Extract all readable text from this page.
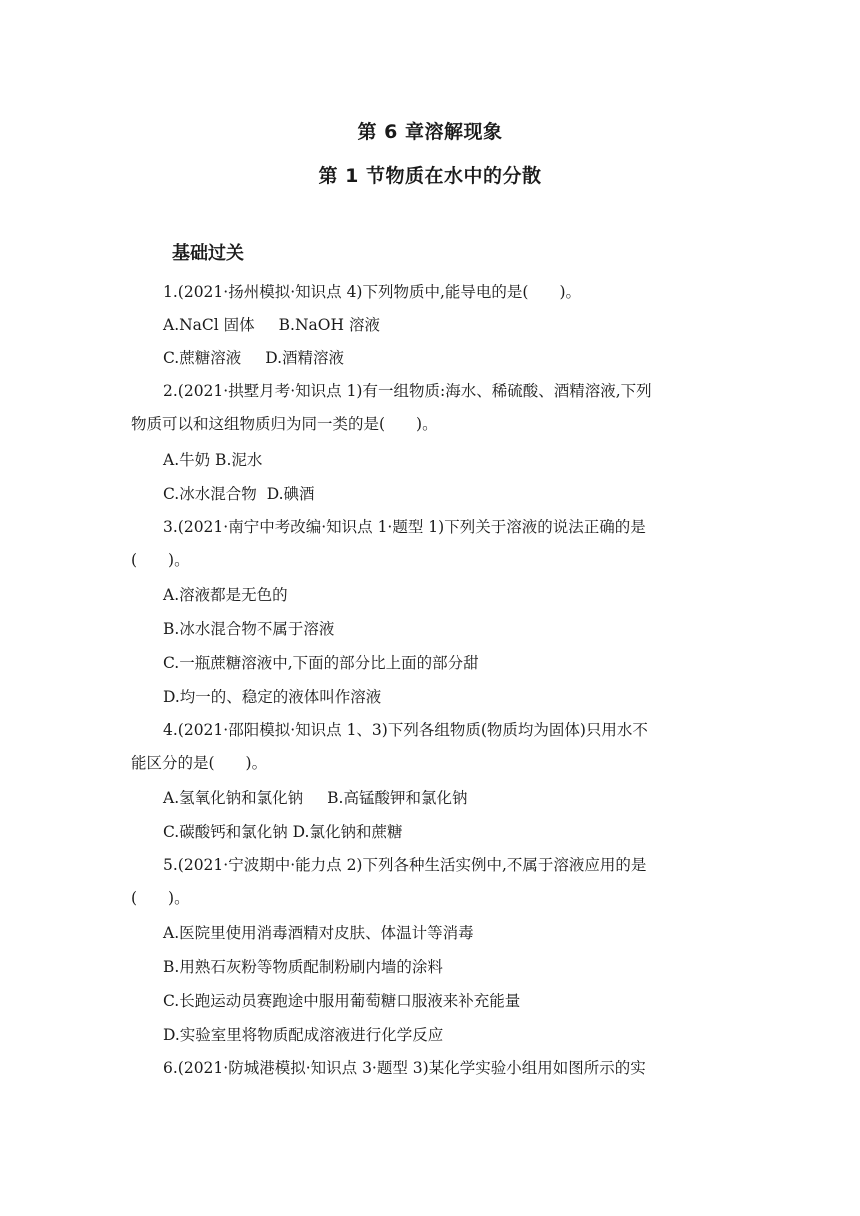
第 6 章溶解现象
第 1 节物质在水中的分散
基础过关
1.(2021·扬州模拟·知识点 4)下列物质中,能导电的是(　　)。
A.NaCl 固体 B.NaOH 溶液
C.蔗糖溶液 D.酒精溶液
2.(2021·拱墅月考·知识点 1)有一组物质:海水、稀硫酸、酒精溶液,下列
物质可以和这组物质归为同一类的是(　　)。
A.牛奶 B.泥水
C.冰水混合物 D.碘酒
3.(2021·南宁中考改编·知识点 1·题型 1)下列关于溶液的说法正确的是
(　　)。
A.溶液都是无色的
B.冰水混合物不属于溶液
C.一瓶蔗糖溶液中,下面的部分比上面的部分甜
D.均一的、稳定的液体叫作溶液
4.(2021·邵阳模拟·知识点 1、3)下列各组物质(物质均为固体)只用水不
能区分的是(　　)。
A.氢氧化钠和氯化钠 B.高锰酸钾和氯化钠
C.碳酸钙和氯化钠 D.氯化钠和蔗糖
5.(2021·宁波期中·能力点 2)下列各种生活实例中,不属于溶液应用的是
(　　)。
A.医院里使用消毒酒精对皮肤、体温计等消毒
B.用熟石灰粉等物质配制粉刷内墙的涂料
C.长跑运动员赛跑途中服用葡萄糖口服液来补充能量
D.实验室里将物质配成溶液进行化学反应
6.(2021·防城港模拟·知识点 3·题型 3)某化学实验小组用如图所示的实
